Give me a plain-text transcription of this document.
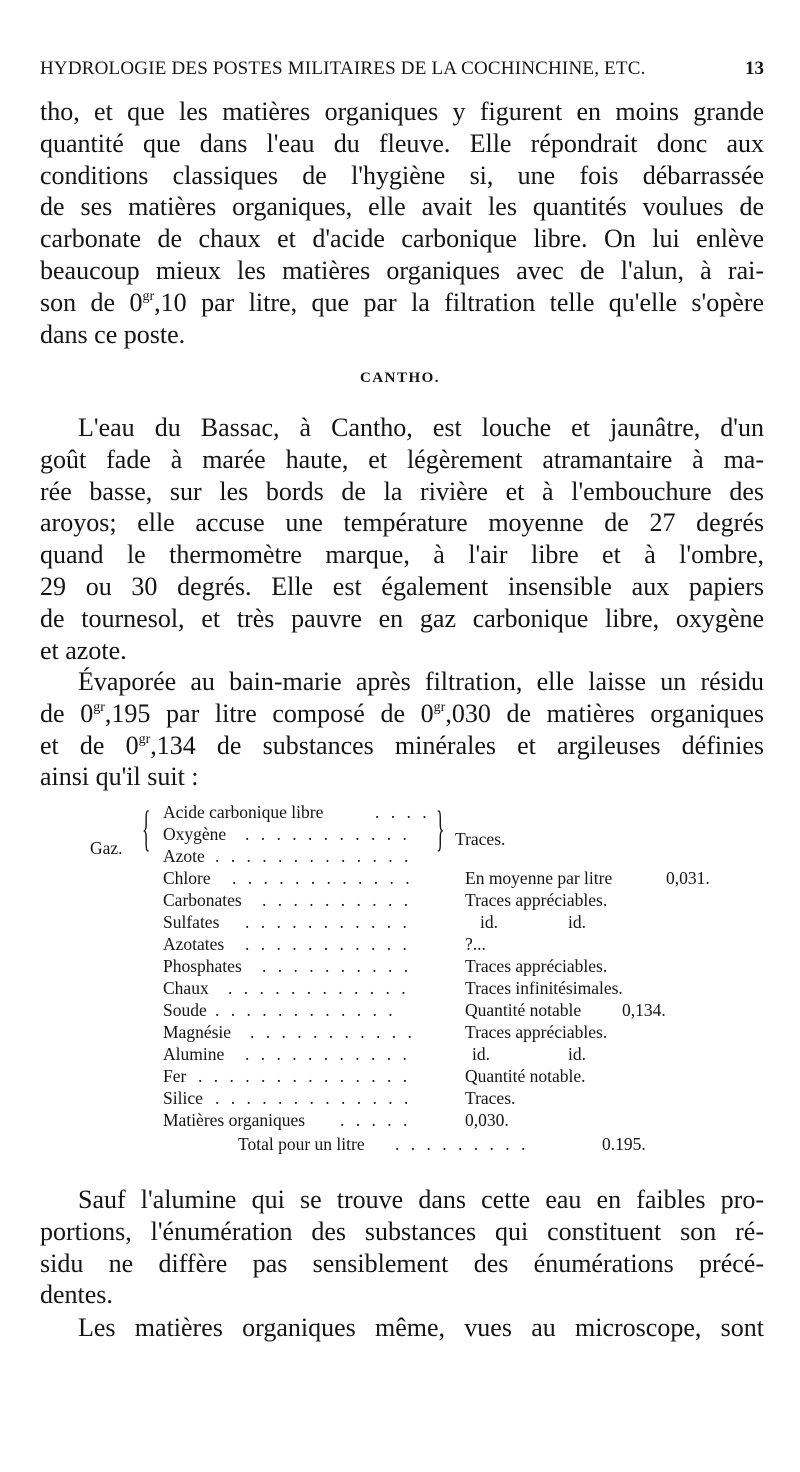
HYDROLOGIE DES POSTES MILITAIRES DE LA COCHINCHINE, ETC.	13
tho, et que les matières organiques y figurent en moins grande
quantité que dans l'eau du fleuve. Elle répondrait donc aux
conditions classiques de l'hygiène si, une fois débarrassée
de ses matières organiques, elle avait les quantités voulues de
carbonate de chaux et d'acide carbonique libre. On lui enlève
beaucoup mieux les matières organiques avec de l'alun, à rai-
son de $0^{gr},10$ par litre, que par la filtration telle qu'elle s'opère
dans ce poste.
CANTHO.
L'eau du Bassac, à Cantho, est louche et jaunâtre, d'un
goût fade à marée haute, et légèrement atramantaire à ma-
rée basse, sur les bords de la rivière et à l'embouchure des
aroyos; elle accuse une température moyenne de 27 degrés
quand le thermomètre marque, à l'air libre et à l'ombre,
29 ou 30 degrés. Elle est également insensible aux papiers
de tournesol, et très pauvre en gaz carbonique libre, oxygène
et azote.
Évaporée au bain-marie après filtration, elle laisse un résidu
de $0^{gr},195$ par litre composé de $0^{gr},030$ de matières organiques
et de $0^{gr},134$ de substances minérales et argileuses définies
ainsi qu'il suit :
Gaz. {	} Traces.
Acide carbonique libre	. . . .
Oxygène . . . . . . . . . . .
Azote . . . . . . . . . . . . .
Chlore . . . . . . . . . . . .	En moyenne par litre	0,031.
Carbonates . . . . . . . . . .	Traces appréciables.
Sulfates . . . . . . . . . . .	id.	id.
Azotates . . . . . . . . . . .	?...
Phosphates . . . . . . . . . .	Traces appréciables.
Chaux . . . . . . . . . . . .	Traces infinitésimales.
Soude . . . . . . . . . . . .	Quantité notable 0,134.
Magnésie . . . . . . . . . . .	Traces appréciables.
Alumine . . . . . . . . . . .	id.	id.
Fer . . . . . . . . . . . . . .	Quantité notable.
Silice . . . . . . . . . . . . .	Traces.
Matières organiques . . . . .	0,030.
Total pour un litre . . . . . . . . .	0.195.
Sauf l'alumine qui se trouve dans cette eau en faibles pro-
portions, l'énumération des substances qui constituent son ré-
sidu ne diffère pas sensiblement des énumérations précé-
dentes.
Les matières organiques même, vues au microscope, sont
